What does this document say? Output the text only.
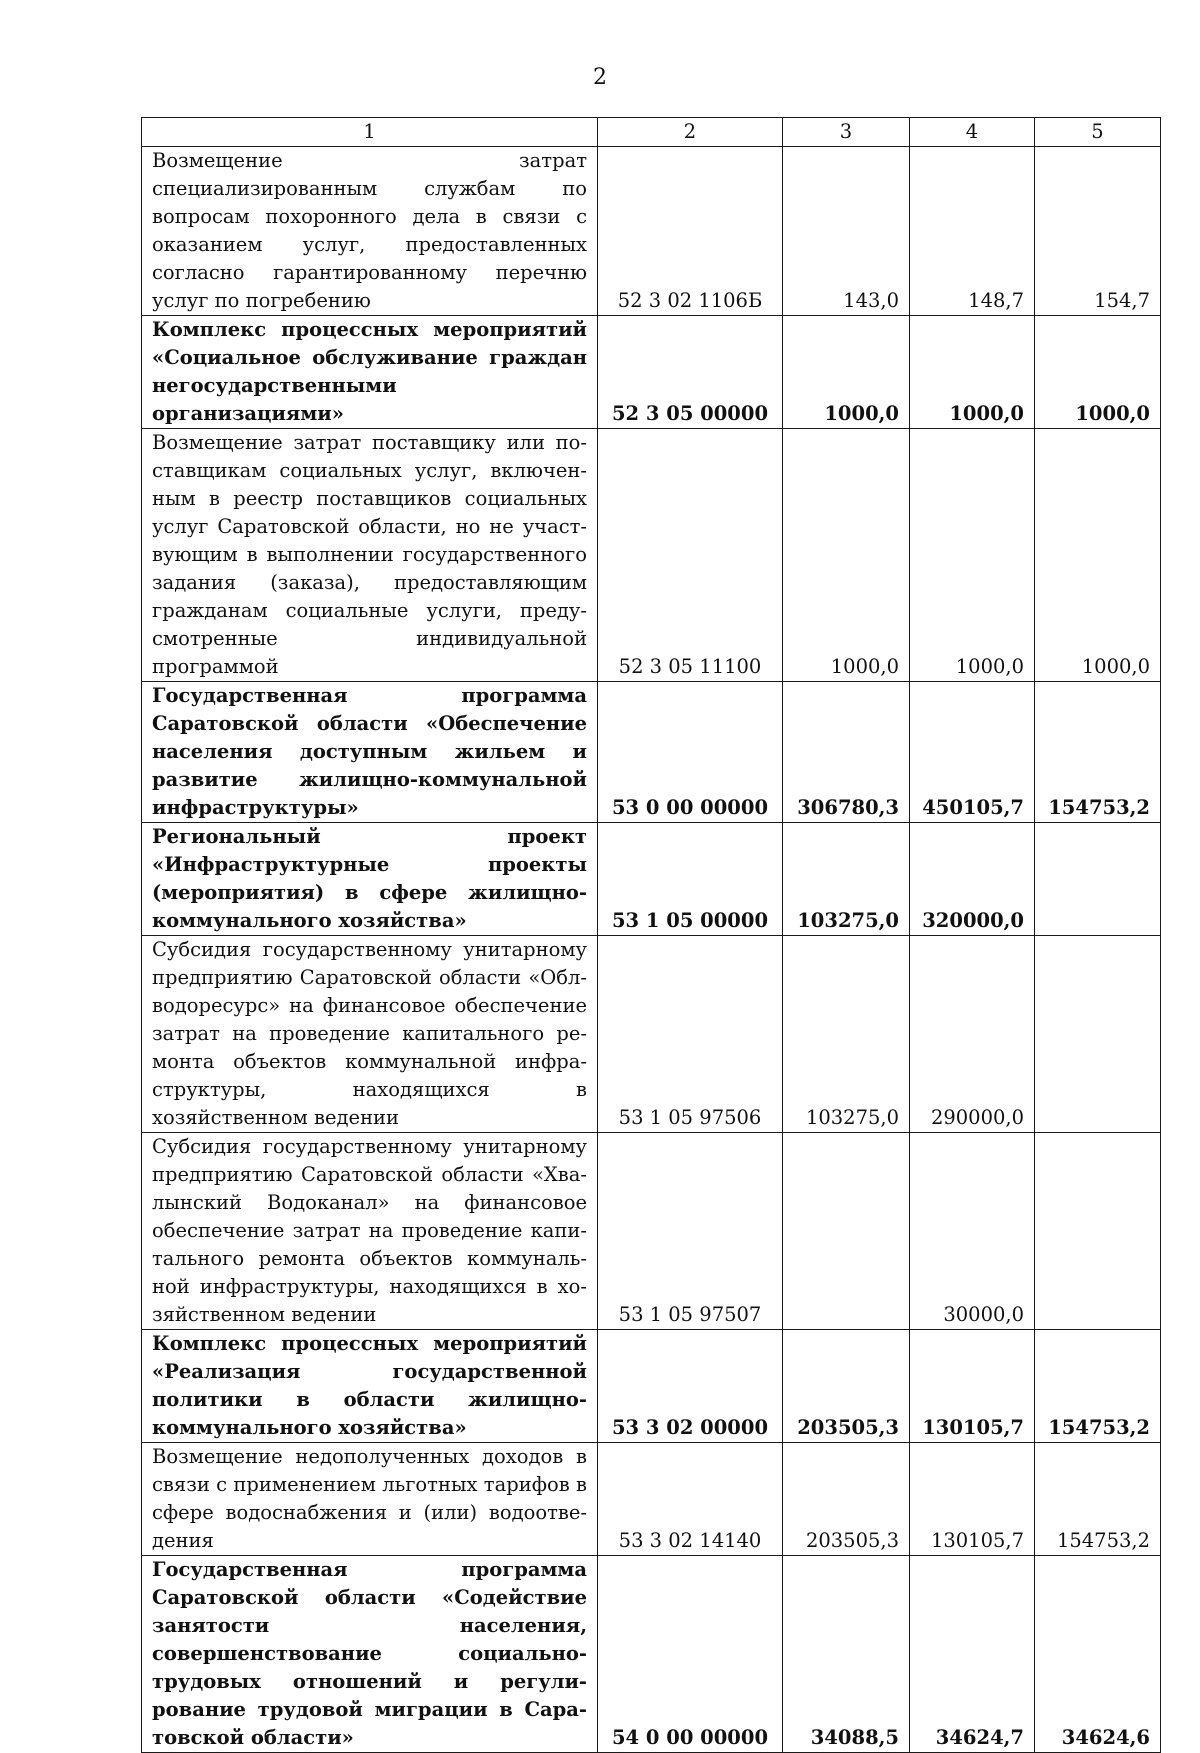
2
1	2	3	4	5
Возмещение затрат специализированным службам по вопросам похоронного дела в связи с оказанием услуг, предоставленных согласно гарантированному перечню услуг по погребению	52 3 02 1106Б	143,0	148,7	154,7
Комплекс процессных мероприятий «Социальное обслуживание граждан негосударственными организациями»	52 3 05 00000	1000,0	1000,0	1000,0
Возмещение затрат поставщику или поставщикам социальных услуг, включенным в реестр поставщиков социальных услуг Саратовской области, но не участвующим в выполнении государственного задания (заказа), предоставляющим гражданам социальные услуги, предусмотренные индивидуальной программой	52 3 05 11100	1000,0	1000,0	1000,0
Государственная программа Саратовской области «Обеспечение населения доступным жильем и развитие жилищно-коммунальной инфраструктуры»	53 0 00 00000	306780,3	450105,7	154753,2
Региональный проект «Инфраструктурные проекты (мероприятия) в сфере жилищно-коммунального хозяйства»	53 1 05 00000	103275,0	320000,0	
Субсидия государственному унитарному предприятию Саратовской области «Облводоресурс» на финансовое обеспечение затрат на проведение капитального ремонта объектов коммунальной инфраструктуры, находящихся в хозяйственном ведении	53 1 05 97506	103275,0	290000,0	
Субсидия государственному унитарному предприятию Саратовской области «Хвалынский Водоканал» на финансовое обеспечение затрат на проведение капитального ремонта объектов коммунальной инфраструктуры, находящихся в хозяйственном ведении	53 1 05 97507		30000,0	
Комплекс процессных мероприятий «Реализация государственной политики в области жилищно-коммунального хозяйства»	53 3 02 00000	203505,3	130105,7	154753,2
Возмещение недополученных доходов в связи с применением льготных тарифов в сфере водоснабжения и (или) водоотведения	53 3 02 14140	203505,3	130105,7	154753,2
Государственная программа Саратовской области «Содействие занятости населения, совершенствование социально-трудовых отношений и регулирование трудовой миграции в Саратовской области»	54 0 00 00000	34088,5	34624,7	34624,6
